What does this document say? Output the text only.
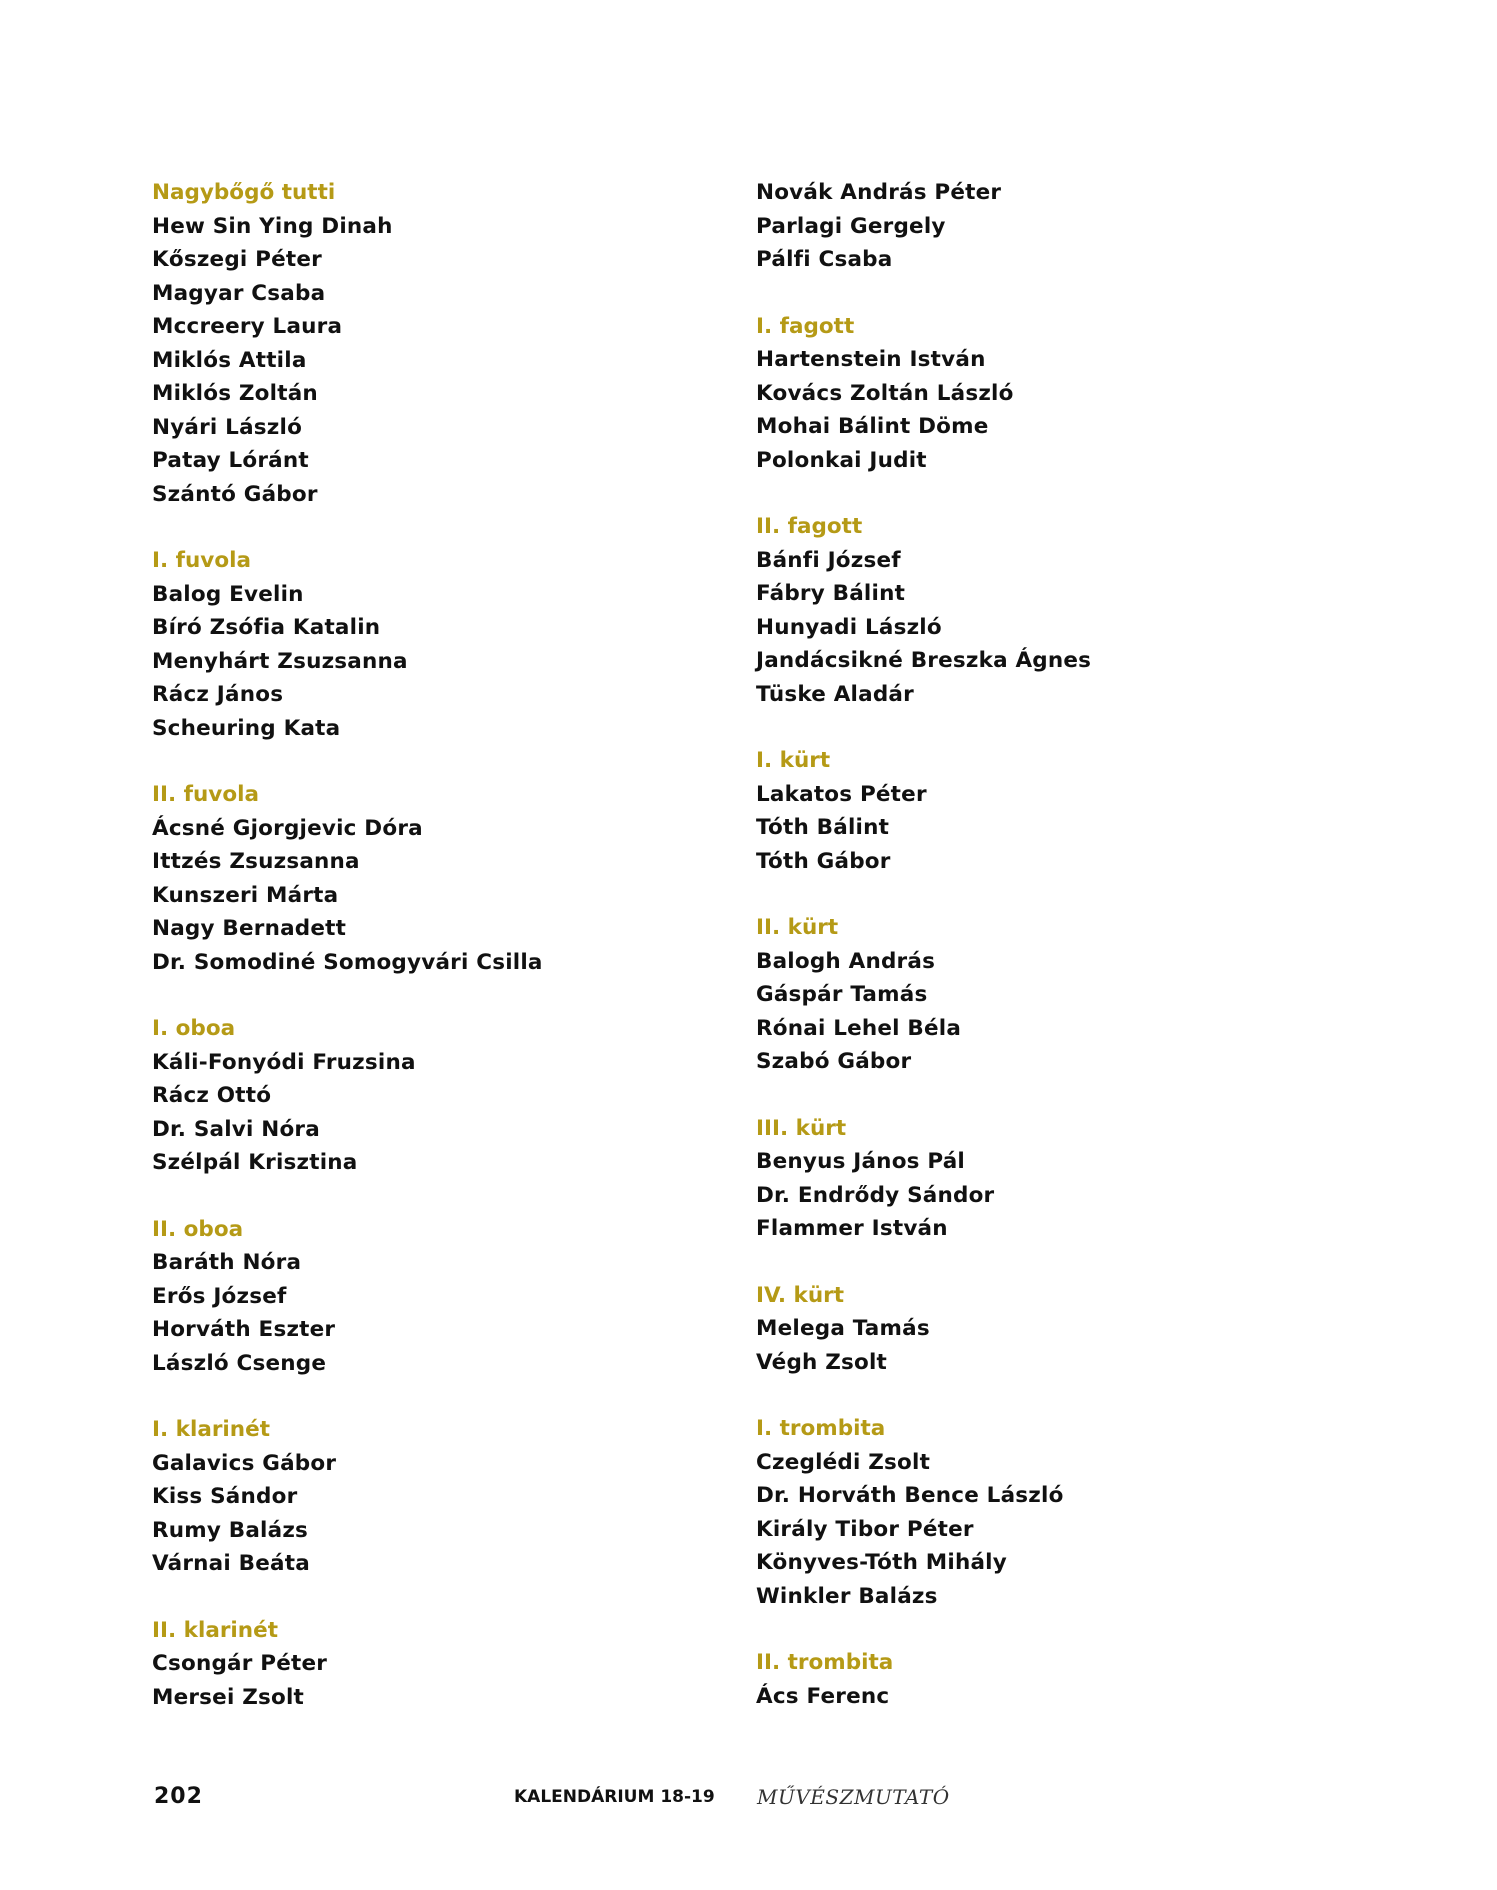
Nagybőgő tutti
Hew Sin Ying Dinah
Kőszegi Péter
Magyar Csaba
Mccreery Laura
Miklós Attila
Miklós Zoltán
Nyári László
Patay Lóránt
Szántó Gábor
I. fuvola
Balog Evelin
Bíró Zsófia Katalin
Menyhárt Zsuzsanna
Rácz János
Scheuring Kata
II. fuvola
Ácsné Gjorgjevic Dóra
Ittzés Zsuzsanna
Kunszeri Márta
Nagy Bernadett
Dr. Somodiné Somogyvári Csilla
I. oboa
Káli-Fonyódi Fruzsina
Rácz Ottó
Dr. Salvi Nóra
Szélpál Krisztina
II. oboa
Baráth Nóra
Erős József
Horváth Eszter
László Csenge
I. klarinét
Galavics Gábor
Kiss Sándor
Rumy Balázs
Várnai Beáta
II. klarinét
Csongár Péter
Mersei Zsolt
Novák András Péter
Parlagi Gergely
Pálfi Csaba
I. fagott
Hartenstein István
Kovács Zoltán László
Mohai Bálint Döme
Polonkai Judit
II. fagott
Bánfi József
Fábry Bálint
Hunyadi László
Jandácsikné Breszka Ágnes
Tüske Aladár
I. kürt
Lakatos Péter
Tóth Bálint
Tóth Gábor
II. kürt
Balogh András
Gáspár Tamás
Rónai Lehel Béla
Szabó Gábor
III. kürt
Benyus János Pál
Dr. Endrődy Sándor
Flammer István
IV. kürt
Melega Tamás
Végh Zsolt
I. trombita
Czeglédi Zsolt
Dr. Horváth Bence László
Király Tibor Péter
Könyves-Tóth Mihály
Winkler Balázs
II. trombita
Ács Ferenc
202	KALENDÁRIUM 18-19 MŰVÉSZMUTATÓ
